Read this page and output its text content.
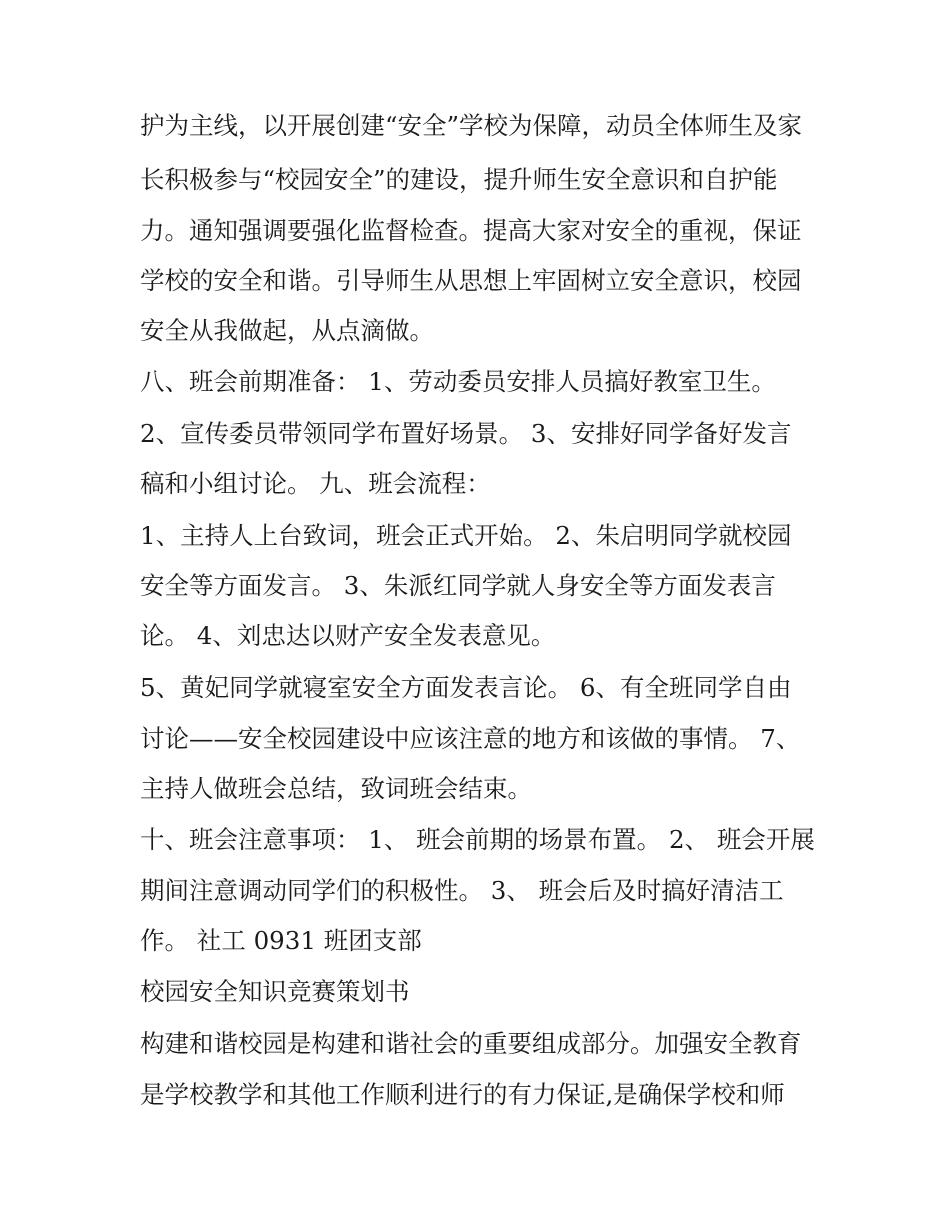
护为主线，以开展创建“安全”学校为保障，动员全体师生及家
长积极参与“校园安全”的建设，提升师生安全意识和自护能
力。通知强调要强化监督检查。提高大家对安全的重视，保证
学校的安全和谐。引导师生从思想上牢固树立安全意识，校园
安全从我做起，从点滴做。
八、班会前期准备： 1、劳动委员安排人员搞好教室卫生。
2、宣传委员带领同学布置好场景。 3、安排好同学备好发言
稿和小组讨论。 九、班会流程：
1、主持人上台致词，班会正式开始。 2、朱启明同学就校园
安全等方面发言。 3、朱派红同学就人身安全等方面发表言
论。 4、刘忠达以财产安全发表意见。
5、黄妃同学就寝室安全方面发表言论。 6、有全班同学自由
讨论——安全校园建设中应该注意的地方和该做的事情。 7、
主持人做班会总结，致词班会结束。
十、班会注意事项： 1、 班会前期的场景布置。 2、 班会开展
期间注意调动同学们的积极性。 3、 班会后及时搞好清洁工
作。 社工 0931 班团支部
校园安全知识竞赛策划书
构建和谐校园是构建和谐社会的重要组成部分。加强安全教育
是学校教学和其他工作顺利进行的有力保证,是确保学校和师
